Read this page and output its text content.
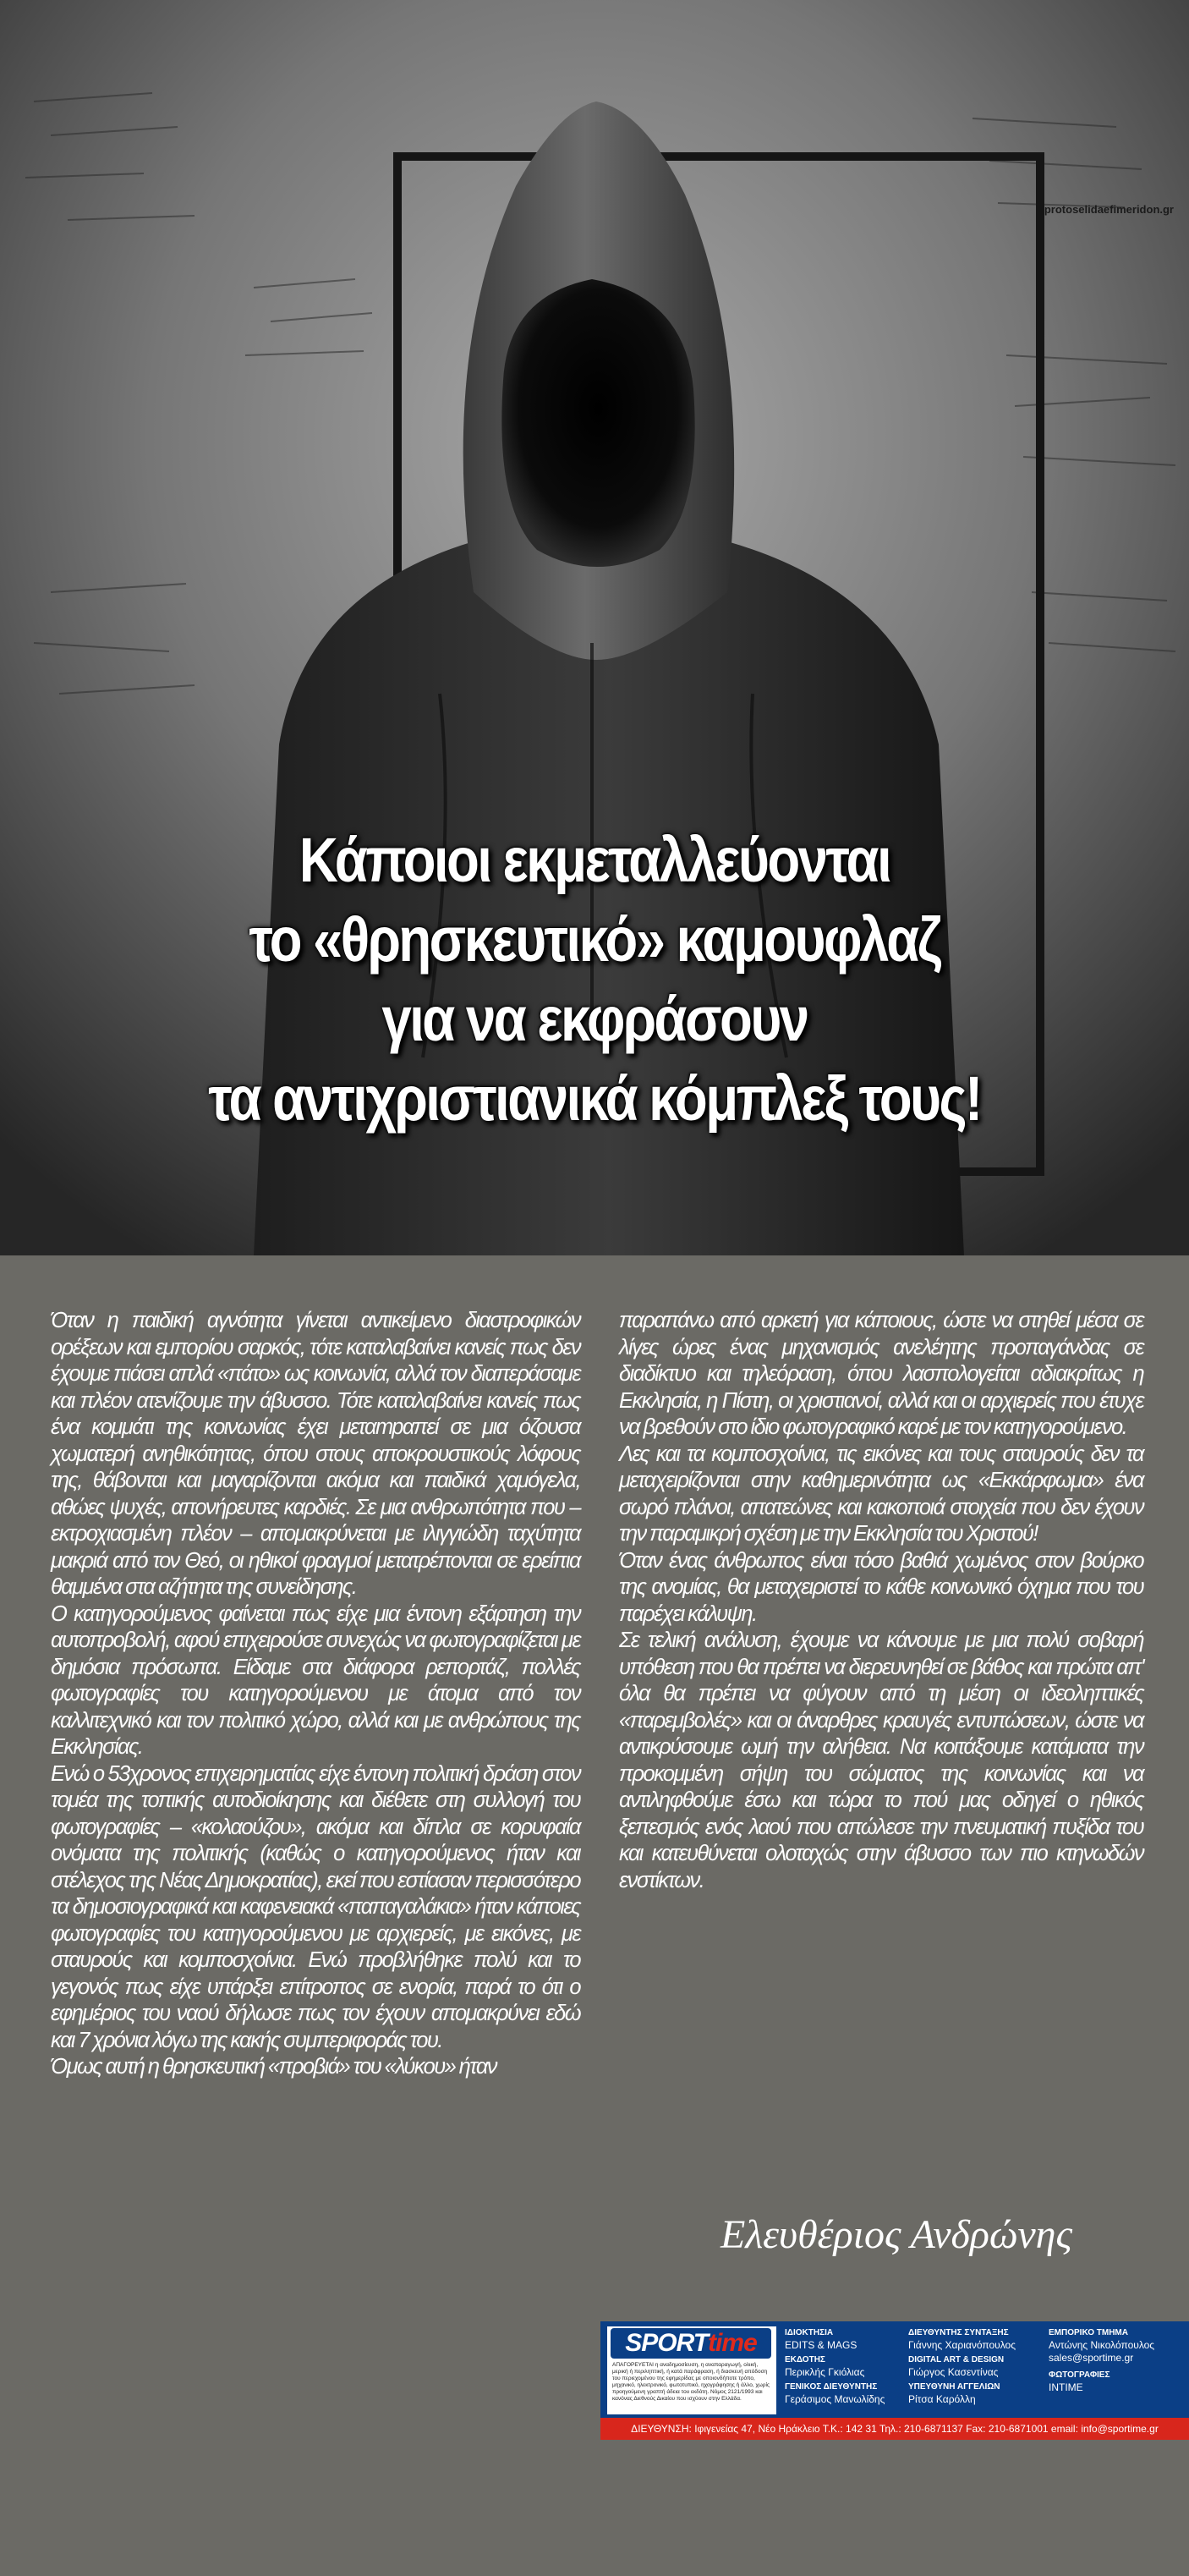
protoselidaefimeridon.gr
Κάποιοι εκμεταλλεύονται
το «θρησκευτικό» καμουφλαζ
για να εκφράσουν
τα αντιχριστιανικά κόμπλεξ τους!

Όταν η παιδική αγνότητα γίνεται αντικείμενο διαστροφικών ορέξεων και εμπορίου σαρκός, τότε καταλαβαίνει κανείς πως δεν έχουμε πιάσει απλά «πάτο» ως κοινωνία, αλλά τον διαπεράσαμε και πλέον ατενίζουμε την άβυσσο. Τότε καταλαβαίνει κανείς πως ένα κομμάτι της κοινωνίας έχει μεταтрαπεί σε μια όζουσα χωματερή ανηθικότητας, όπου στους αποκρουστικούς λόφους της, θάβονται και μαγαρίζονται ακόμα και παιδικά χαμόγελα, αθώες ψυχές, απονήρευτες καρδιές. Σε μια ανθρωπότητα που – εκτροχιασμένη πλέον – απομακρύνεται με ιλιγγιώδη ταχύτητα μακριά από τον Θεό, οι ηθικοί φραγμοί μετατρέπονται σε ερείπια θαμμένα στα αζήτητα της συνείδησης.

Ο κατηγορούμενος φαίνεται πως είχε μια έντονη εξάρτηση την αυτοπροβολή, αφού επιχειρούσε συνεχώς να φωτογραφίζεται με δημόσια πρόσωπα. Είδαμε στα διάφορα ρεπορτάζ, πολλές φωτογραφίες του κατηγορούμενου με άτομα από τον καλλιτεχνικό και τον πολιτικό χώρο, αλλά και με ανθρώπους της Εκκλησίας.

Ενώ ο 53χρονος επιχειρηματίας είχε έντονη πολιτική δράση στον τομέα της τοπικής αυτοδιοίκησης και διέθετε στη συλλογή του φωτογραφίες – «κολαούζου», ακόμα και δίπλα σε κορυφαία ονόματα της πολιτικής (καθώς ο κατηγορούμενος ήταν και στέλεχος της Νέας Δημοκρατίας), εκεί που εστίασαν περισσότερο τα δημοσιογραφικά και καφενειακά «παπαγαλάκια» ήταν κάποιες φωτογραφίες του κατηγορούμενου με αρχιερείς, με εικόνες, με σταυρούς και κομποσχοίνια. Ενώ προβλήθηκε πολύ και το γεγονός πως είχε υπάρξει επίτροπος σε ενορία, παρά το ότι ο εφημέριος του ναού δήλωσε πως τον έχουν απομακρύνει εδώ και 7 χρόνια λόγω της κακής συμπεριφοράς του.

Όμως αυτή η θρησκευτική «προβιά» του «λύκου» ήταν

παραπάνω από αρκετή για κάποιους, ώστε να στηθεί μέσα σε λίγες ώρες ένας μηχανισμός ανελέητης προπαγάνδας σε διαδίκτυο και τηλεόραση, όπου λασπολογείται αδιακρίτως η Εκκλησία, η Πίστη, οι χριστιανοί, αλλά και οι αρχιερείς που έτυχε να βρεθούν στο ίδιο φωτογραφικό καρέ με τον κατηγορούμενο.

Λες και τα κομποσχοίνια, τις εικόνες και τους σταυρούς δεν τα μεταχειρίζονται στην καθημερινότητα ως «Εκκάρφωμα» ένα σωρό πλάνοι, απατεώνες και κακοποιά στοιχεία που δεν έχουν την παραμικρή σχέση με την Εκκλησία του Χριστού!

Όταν ένας άνθρωπος είναι τόσο βαθιά χωμένος στον βούρκο της ανομίας, θα μεταχειριστεί το κάθε κοινωνικό όχημα που του παρέχει κάλυψη.

Σε τελική ανάλυση, έχουμε να κάνουμε με μια πολύ σοβαρή υπόθεση που θα πρέπει να διερευνηθεί σε βάθος και πρώτα απ' όλα θα πρέπει να φύγουν από τη μέση οι ιδεοληπτικές «παρεμβολές» και οι άναρθρες κραυγές εντυπώσεων, ώστε να αντικρύσουμε ωμή την αλήθεια. Να κοιτάξουμε κατάματα την προκομμένη σήψη του σώματος της κοινωνίας και να αντιληφθούμε έσω και τώρα το πού μας οδηγεί ο ηθικός ξεπεσμός ενός λαού που απώλεσε την πνευματική πυξίδα του και κατευθύνεται ολοταχώς στην άβυσσο των πιο κτηνωδών ενστίκτων.

Ελευθέριος Ανδρώνης
SPORTtime
ΑΠΑΓΟΡΕΥΕΤΑΙ η αναδημοσίευση, η αναπαραγωγή, ολική, μερική ή περιληπτική, ή κατά παράφραση, ή διασκευή απόδοση του περιεχομένου της εφημερίδας με οποιονδήποτε τρόπο, μηχανικό, ηλεκτρονικό, φωτοτυπικό, ηχογράφησης ή άλλο, χωρίς προηγούμενη γραπτή άδεια του εκδότη. Νόμος 2121/1993 και κανόνας Διεθνούς Δικαίου που ισχύουν στην Ελλάδα.
ΙΔΙΟΚΤΗΣΙΑ
EDITS & MAGS
ΕΚΔΟΤΗΣ
Περικλής Γκιόλιας
ΓΕΝΙΚΟΣ ΔΙΕΥΘΥΝΤΗΣ
Γεράσιμος Μανωλίδης
ΔΙΕΥΘΥΝΤΗΣ ΣΥΝΤΑΞΗΣ
Γιάννης Χαριανόπουλος
DIGITAL ART & DESIGN
Γιώργος Κασεντίνας
ΥΠΕΥΘΥΝΗ ΑΓΓΕΛΙΩΝ
Ρίτσα Καρόλλη
ΕΜΠΟΡΙΚΟ ΤΜΗΜΑ
Αντώνης Νικολόπουλος
sales@sportime.gr
ΦΩΤΟΓΡΑΦΙΕΣ
INTIME
ΔΙΕΥΘΥΝΣΗ: Ιφιγενείας 47, Νέο Ηράκλειο Τ.Κ.: 142 31 Τηλ.: 210-6871137 Fax: 210-6871001 email: info@sportime.gr
